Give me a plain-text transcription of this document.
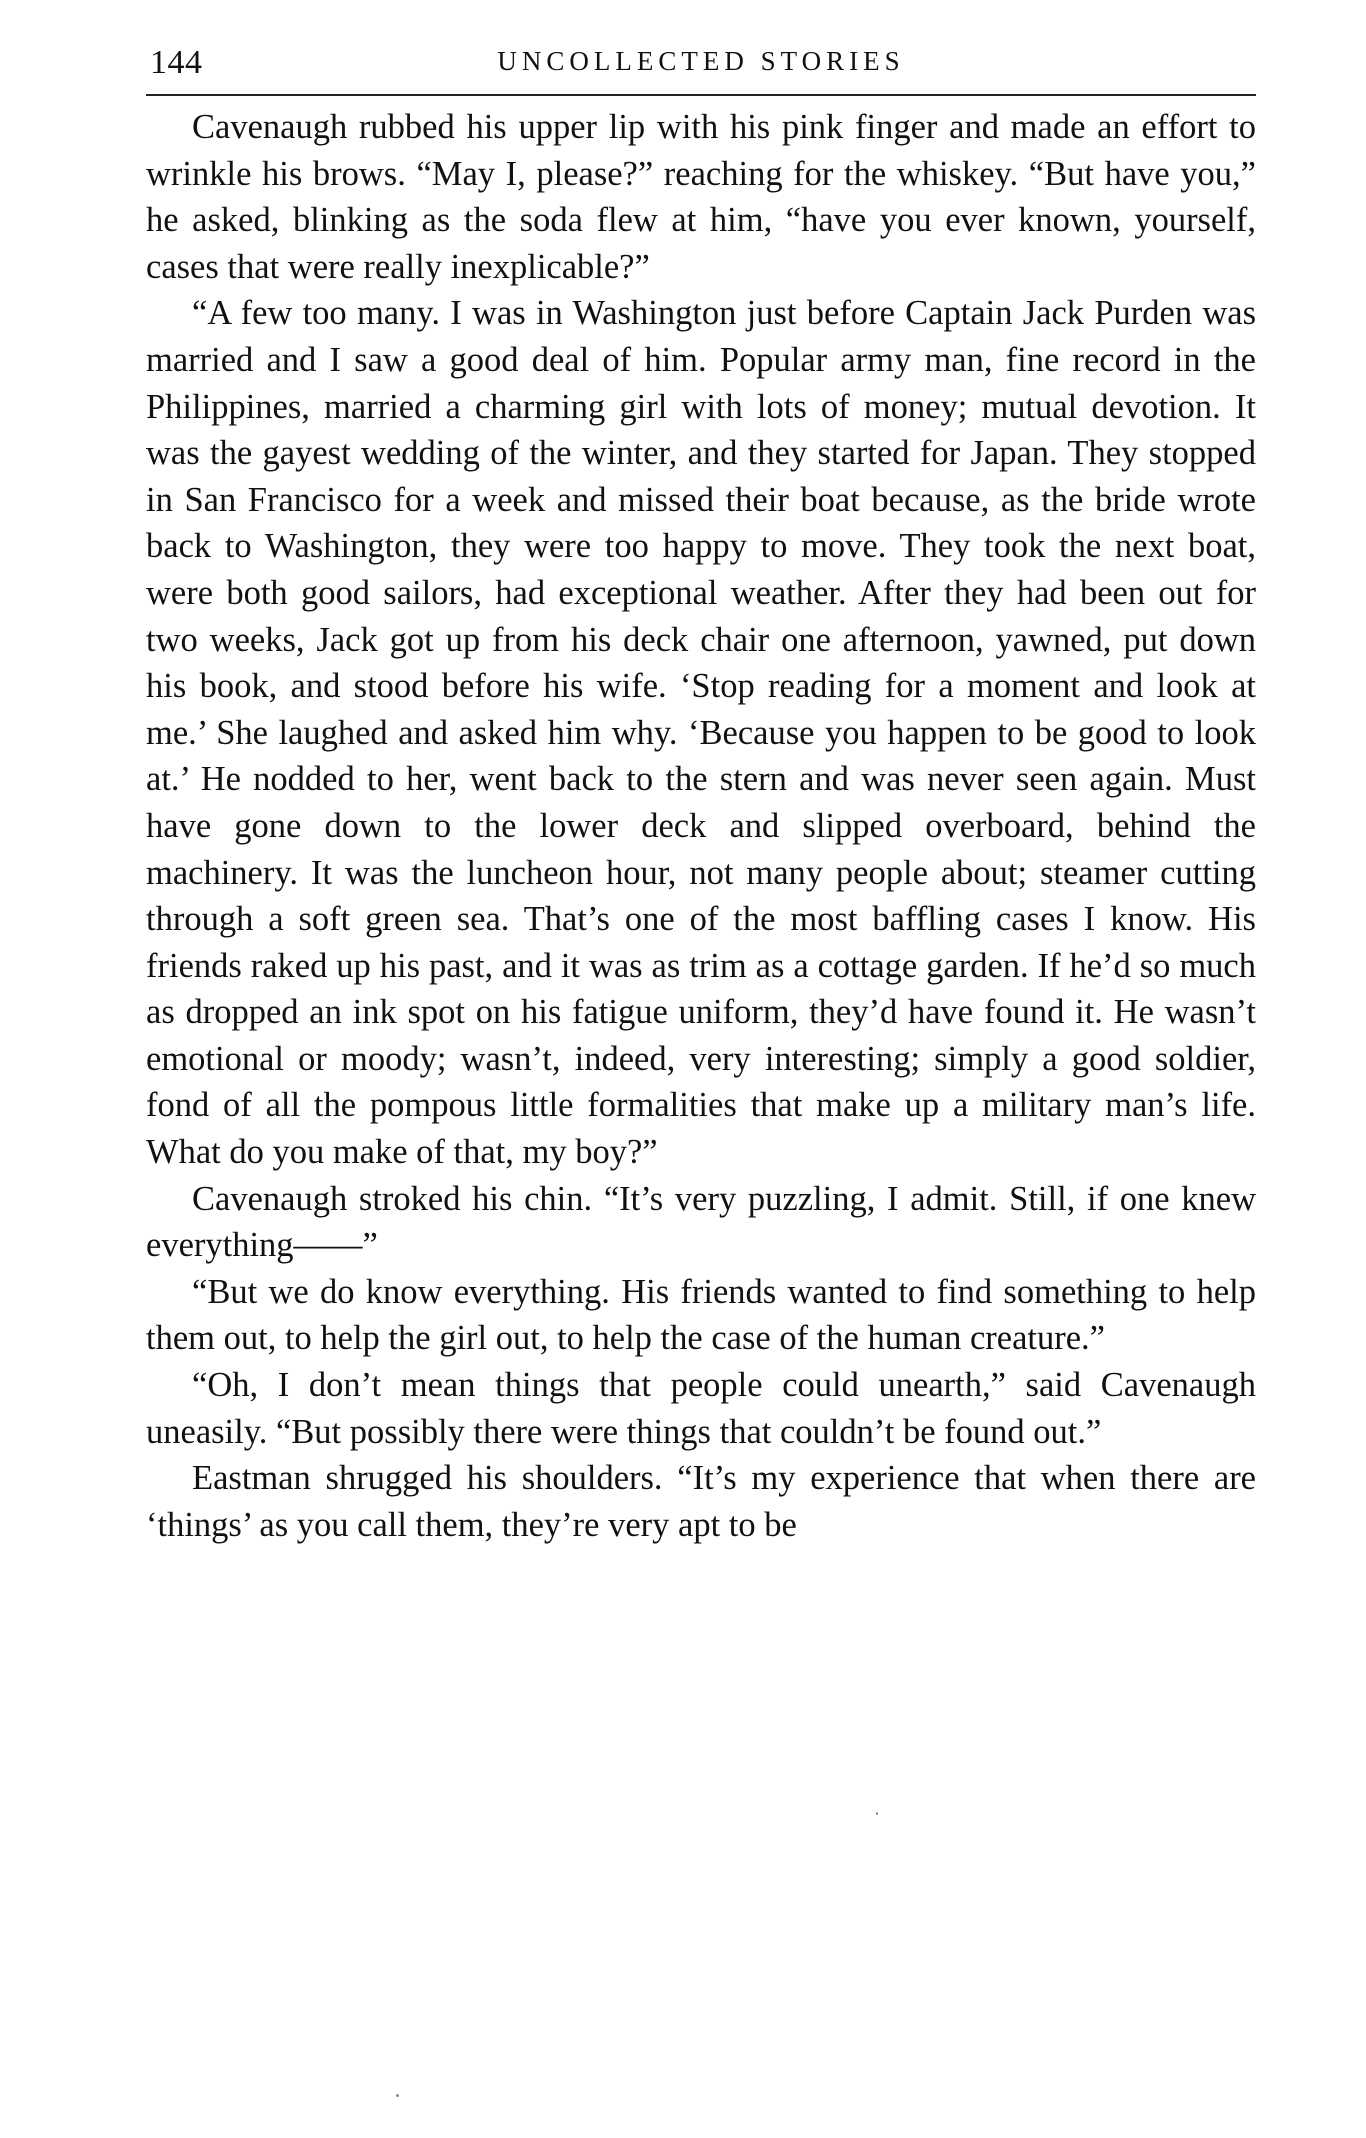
144	UNCOLLECTED STORIES

Cavenaugh rubbed his upper lip with his pink finger and made an effort to wrinkle his brows. “May I, please?” reaching for the whiskey. “But have you,” he asked, blinking as the soda flew at him, “have you ever known, yourself, cases that were really inexplicable?”

“A few too many. I was in Washington just before Captain Jack Purden was married and I saw a good deal of him. Popular army man, fine record in the Philippines, married a charming girl with lots of money; mutual devotion. It was the gayest wedding of the winter, and they started for Japan. They stopped in San Francisco for a week and missed their boat because, as the bride wrote back to Washington, they were too happy to move. They took the next boat, were both good sailors, had exceptional weather. After they had been out for two weeks, Jack got up from his deck chair one afternoon, yawned, put down his book, and stood before his wife. ‘Stop reading for a moment and look at me.’ She laughed and asked him why. ‘Because you happen to be good to look at.’ He nodded to her, went back to the stern and was never seen again. Must have gone down to the lower deck and slipped overboard, behind the machinery. It was the luncheon hour, not many people about; steamer cutting through a soft green sea. That’s one of the most baffling cases I know. His friends raked up his past, and it was as trim as a cottage garden. If he’d so much as dropped an ink spot on his fatigue uniform, they’d have found it. He wasn’t emotional or moody; wasn’t, indeed, very interesting; simply a good soldier, fond of all the pompous little formalities that make up a military man’s life. What do you make of that, my boy?”

Cavenaugh stroked his chin. “It’s very puzzling, I admit. Still, if one knew everything——”

“But we do know everything. His friends wanted to find something to help them out, to help the girl out, to help the case of the human creature.”

“Oh, I don’t mean things that people could unearth,” said Cavenaugh uneasily. “But possibly there were things that couldn’t be found out.”

Eastman shrugged his shoulders. “It’s my experience that when there are ‘things’ as you call them, they’re very apt to be
